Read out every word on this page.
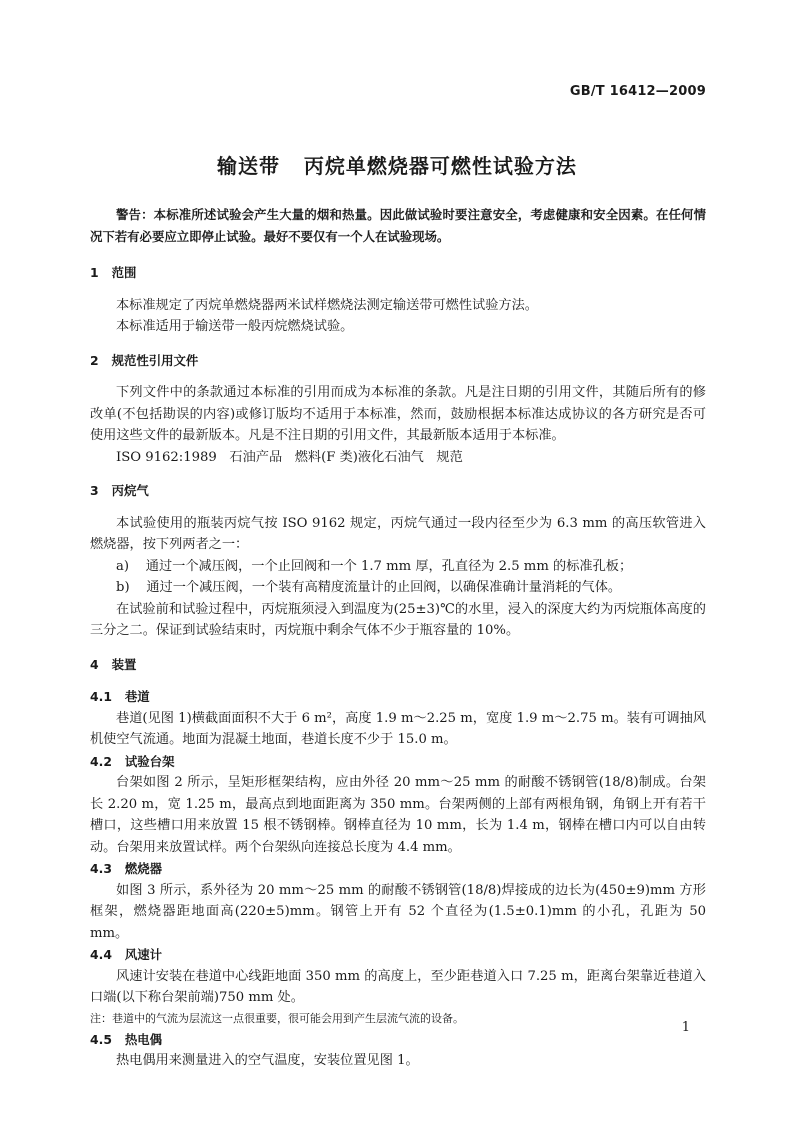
GB/T 16412—2009
输送带   丙烷单燃烧器可燃性试验方法

警告：本标准所述试验会产生大量的烟和热量。因此做试验时要注意安全，考虑健康和安全因素。在任何情况下若有必要应立即停止试验。最好不要仅有一个人在试验现场。

1   范围

本标准规定了丙烷单燃烧器两米试样燃烧法测定输送带可燃性试验方法。

本标准适用于输送带一般丙烷燃烧试验。

2   规范性引用文件

下列文件中的条款通过本标准的引用而成为本标准的条款。凡是注日期的引用文件，其随后所有的修改单(不包括勘误的内容)或修订版均不适用于本标准，然而，鼓励根据本标准达成协议的各方研究是否可使用这些文件的最新版本。凡是不注日期的引用文件，其最新版本适用于本标准。

ISO 9162:1989   石油产品   燃料(F 类)液化石油气   规范

3   丙烷气

本试验使用的瓶装丙烷气按 ISO 9162 规定，丙烷气通过一段内径至少为 6.3 mm 的高压软管进入燃烧器，按下列两者之一：

a)    通过一个减压阀，一个止回阀和一个 1.7 mm 厚，孔直径为 2.5 mm 的标准孔板；

b)    通过一个减压阀，一个装有高精度流量计的止回阀，以确保准确计量消耗的气体。

在试验前和试验过程中，丙烷瓶须浸入到温度为(25±3)℃的水里，浸入的深度大约为丙烷瓶体高度的三分之二。保证到试验结束时，丙烷瓶中剩余气体不少于瓶容量的 10%。

4   装置
4.1   巷道

巷道(见图 1)横截面面积不大于 6 m²，高度 1.9 m～2.25 m，宽度 1.9 m～2.75 m。装有可调抽风机使空气流通。地面为混凝土地面，巷道长度不少于 15.0 m。

4.2   试验台架

台架如图 2 所示，呈矩形框架结构，应由外径 20 mm～25 mm 的耐酸不锈钢管(18/8)制成。台架长 2.20 m，宽 1.25 m，最高点到地面距离为 350 mm。台架两侧的上部有两根角钢，角钢上开有若干槽口，这些槽口用来放置 15 根不锈钢棒。钢棒直径为 10 mm，长为 1.4 m，钢棒在槽口内可以自由转动。台架用来放置试样。两个台架纵向连接总长度为 4.4 mm。

4.3   燃烧器

如图 3 所示，系外径为 20 mm～25 mm 的耐酸不锈钢管(18/8)焊接成的边长为(450±9)mm 方形框架，燃烧器距地面高(220±5)mm。钢管上开有 52 个直径为(1.5±0.1)mm 的小孔，孔距为 50 mm。

4.4   风速计

风速计安装在巷道中心线距地面 350 mm 的高度上，至少距巷道入口 7.25 m，距离台架靠近巷道入口端(以下称台架前端)750 mm 处。

注：巷道中的气流为层流这一点很重要，很可能会用到产生层流气流的设备。

4.5   热电偶

热电偶用来测量进入的空气温度，安装位置见图 1。

1
